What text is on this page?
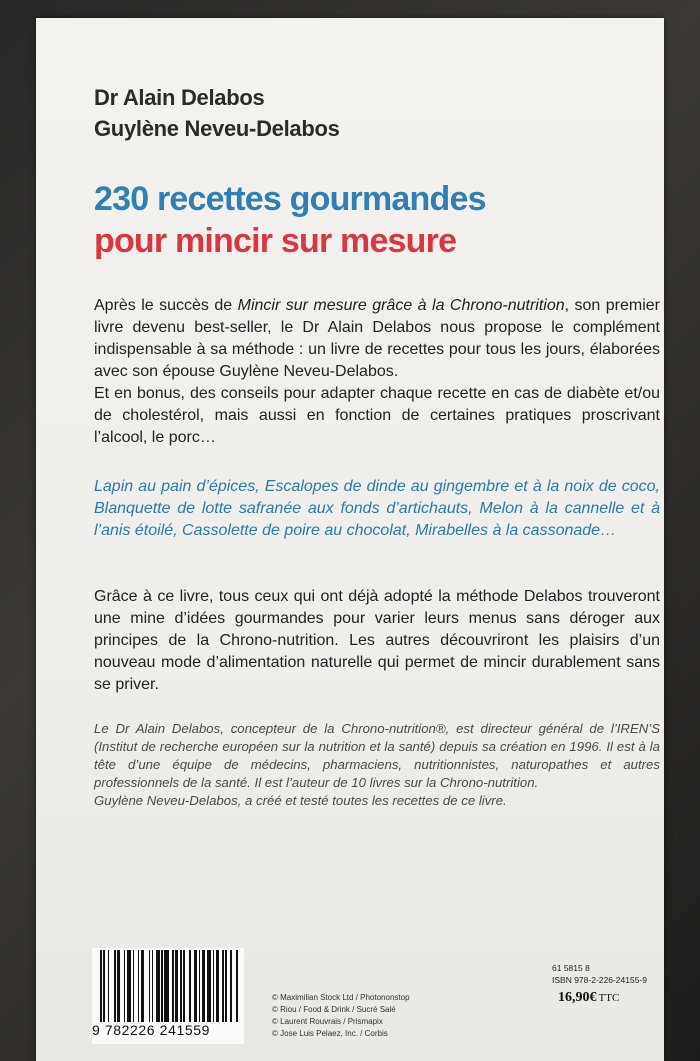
Dr Alain Delabos
Guylène Neveu-Delabos
230 recettes gourmandes
pour mincir sur mesure
Après le succès de Mincir sur mesure grâce à la Chrono-nutrition, son premier livre devenu best-seller, le Dr Alain Delabos nous propose le complément indispensable à sa méthode : un livre de recettes pour tous les jours, élaborées avec son épouse Guylène Neveu-Delabos.
Et en bonus, des conseils pour adapter chaque recette en cas de diabète et/ou de cholestérol, mais aussi en fonction de certaines pratiques proscrivant l’alcool, le porc…
Lapin au pain d’épices, Escalopes de dinde au gingembre et à la noix de coco, Blanquette de lotte safranée aux fonds d’artichauts, Melon à la cannelle et à l’anis étoilé, Cassolette de poire au chocolat, Mirabelles à la cassonade…
Grâce à ce livre, tous ceux qui ont déjà adopté la méthode Delabos trouveront une mine d’idées gourmandes pour varier leurs menus sans déroger aux principes de la Chrono-nutrition. Les autres découvriront les plaisirs d’un nouveau mode d’alimentation naturelle qui permet de mincir durablement sans se priver.
Le Dr Alain Delabos, concepteur de la Chrono-nutrition®, est directeur général de l’IREN’S (Institut de recherche européen sur la nutrition et la santé) depuis sa création en 1996. Il est à la tête d’une équipe de médecins, pharmaciens, nutritionnistes, naturopathes et autres professionnels de la santé. Il est l’auteur de 10 livres sur la Chrono-nutrition.
Guylène Neveu-Delabos, a créé et testé toutes les recettes de ce livre.
9 782226 241559
© Maximilian Stock Ltd / Photononstop
© Riou / Food & Drink / Sucré Salé
© Laurent Rouvrais / Prismapix
© Jose Luis Pelaez, Inc. / Corbis
61 5815 8
ISBN 978-2-226-24155-9
16,90€ TTC
